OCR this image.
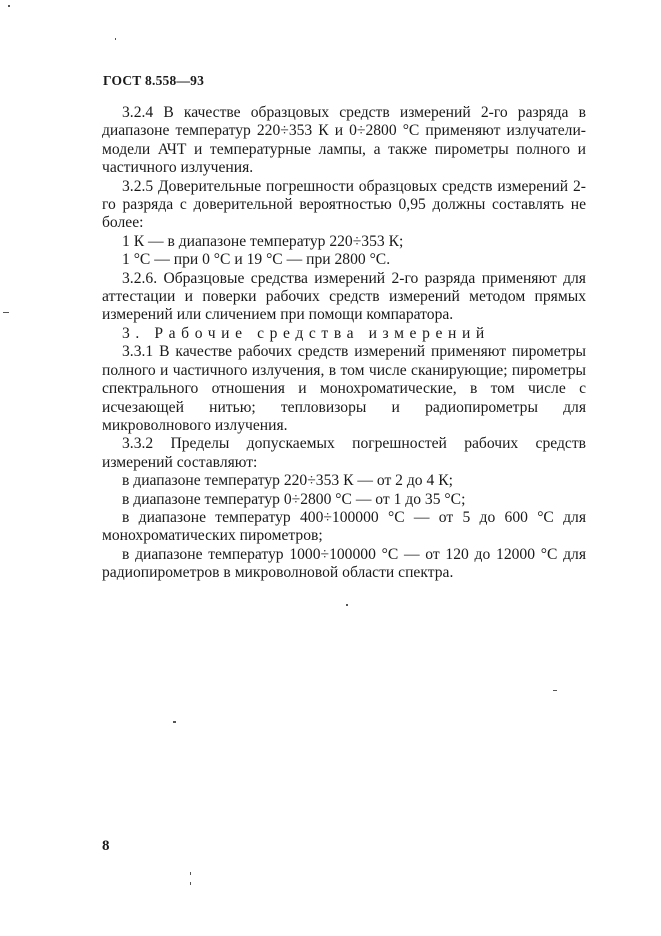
ГОСТ 8.558—93

3.2.4 В качестве образцовых средств измерений 2-го разряда в диапазоне температур 220÷353 К и 0÷2800 °С применяют излучатели-модели АЧТ и температурные лампы, а также пирометры полного и частичного излучения.

3.2.5 Доверительные погрешности образцовых средств измерений 2-го разряда с доверительной вероятностью 0,95 должны составлять не более:

1 К — в диапазоне температур 220÷353 К;

1 °С — при 0 °С и 19 °С — при 2800 °С.

3.2.6. Образцовые средства измерений 2-го разряда применяют для аттестации и поверки рабочих средств измерений методом прямых измерений или сличением при помощи компаратора.

3. Рабочие средства измерений

3.3.1 В качестве рабочих средств измерений применяют пирометры полного и частичного излучения, в том числе сканирующие; пирометры спектрального отношения и монохроматические, в том числе с исчезающей нитью; тепловизоры и радиопирометры для микроволнового излучения.

3.3.2 Пределы допускаемых погрешностей рабочих средств измерений составляют:

в диапазоне температур 220÷353 К — от 2 до 4 К;

в диапазоне температур 0÷2800 °С — от 1 до 35 °С;

в диапазоне температур 400÷100000 °С — от 5 до 600 °С для монохроматических пирометров;

в диапазоне температур 1000÷100000 °С — от 120 до 12000 °С для радиопирометров в микроволновой области спектра.

8
